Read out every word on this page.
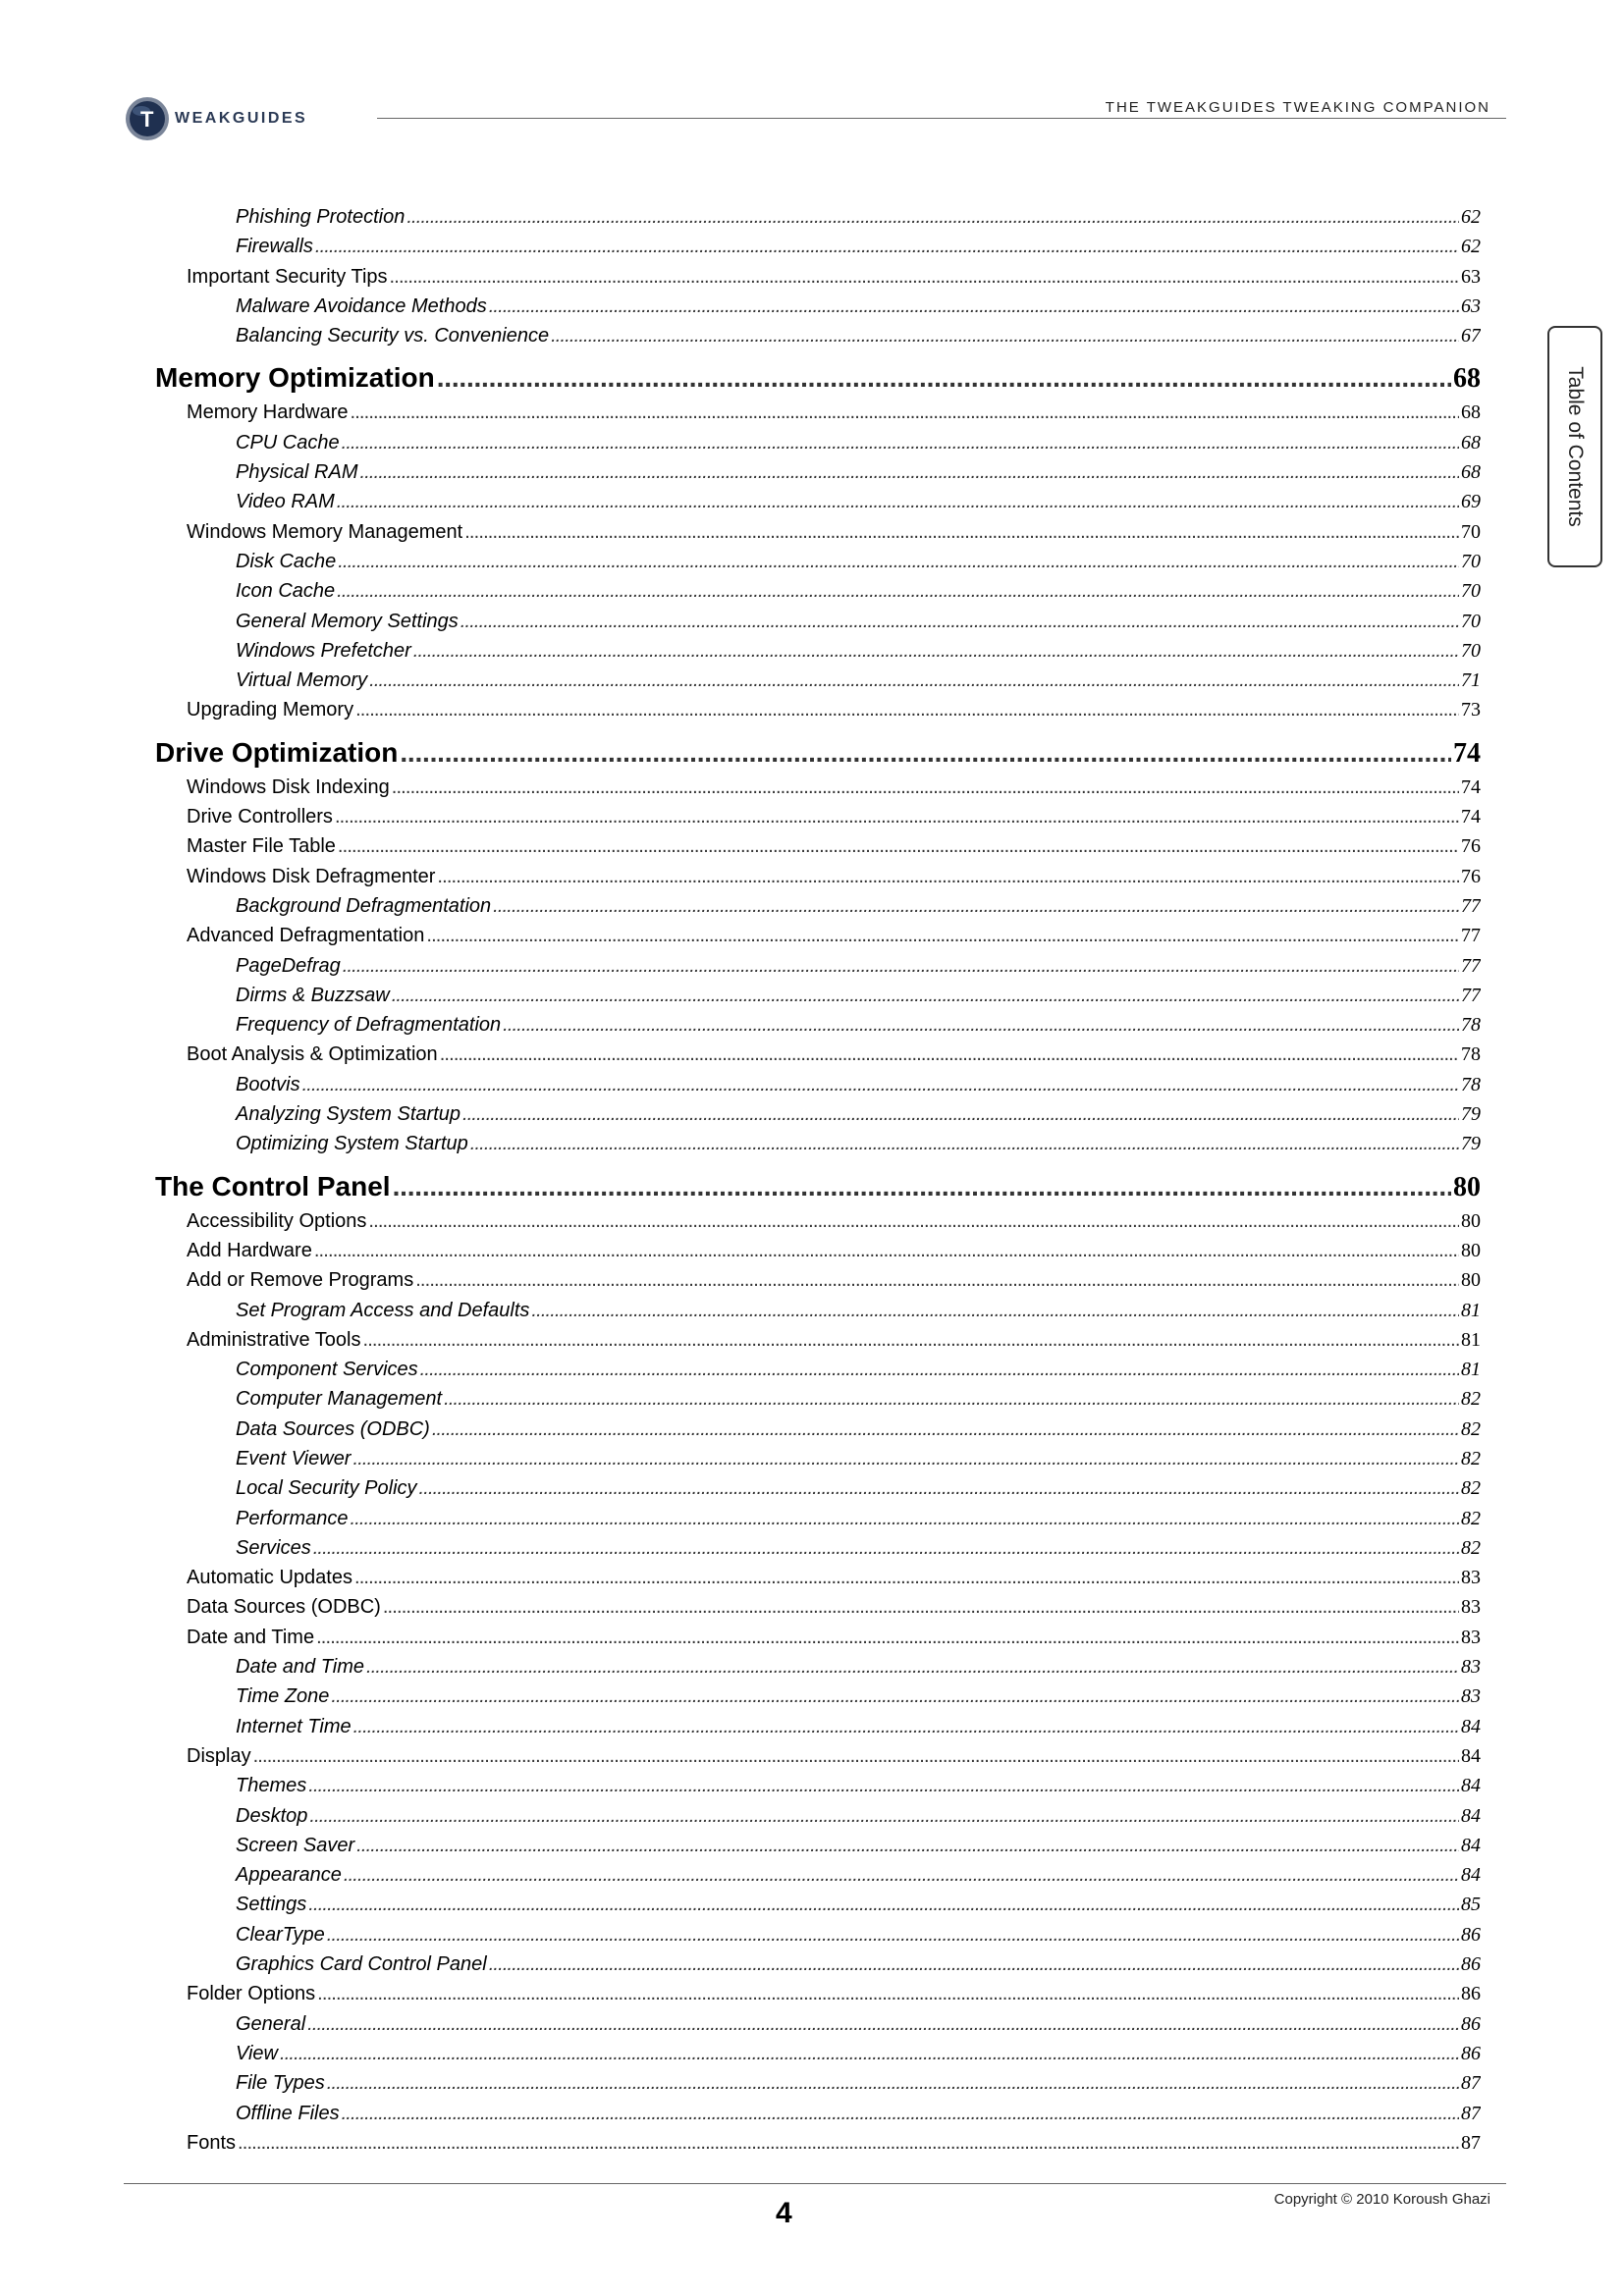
T WEAKGUIDES
THE TWEAKGUIDES TWEAKING COMPANION
Table of Contents
Phishing Protection . . .	62
Firewalls . . .	62
Important Security Tips . . .	63
Malware Avoidance Methods . . .	63
Balancing Security vs. Convenience . . .	67
Memory Optimization . . .	68
Memory Hardware . . .	68
CPU Cache . . .	68
Physical RAM . . .	68
Video RAM . . .	69
Windows Memory Management . . .	70
Disk Cache . . .	70
Icon Cache . . .	70
General Memory Settings . . .	70
Windows Prefetcher . . .	70
Virtual Memory . . .	71
Upgrading Memory . . .	73
Drive Optimization . . .	74
Windows Disk Indexing . . .	74
Drive Controllers . . .	74
Master File Table . . .	76
Windows Disk Defragmenter . . .	76
Background Defragmentation . . .	77
Advanced Defragmentation . . .	77
PageDefrag . . .	77
Dirms & Buzzsaw . . .	77
Frequency of Defragmentation . . .	78
Boot Analysis & Optimization . . .	78
Bootvis . . .	78
Analyzing System Startup . . .	79
Optimizing System Startup . . .	79
The Control Panel . . .	80
Accessibility Options . . .	80
Add Hardware . . .	80
Add or Remove Programs . . .	80
Set Program Access and Defaults . . .	81
Administrative Tools . . .	81
Component Services . . .	81
Computer Management . . .	82
Data Sources (ODBC) . . .	82
Event Viewer . . .	82
Local Security Policy . . .	82
Performance . . .	82
Services . . .	82
Automatic Updates . . .	83
Data Sources (ODBC) . . .	83
Date and Time . . .	83
Date and Time . . .	83
Time Zone . . .	83
Internet Time . . .	84
Display . . .	84
Themes . . .	84
Desktop . . .	84
Screen Saver . . .	84
Appearance . . .	84
Settings . . .	85
ClearType . . .	86
Graphics Card Control Panel . . .	86
Folder Options . . .	86
General . . .	86
View . . .	86
File Types . . .	87
Offline Files . . .	87
Fonts . . .	87
4	Copyright © 2010 Koroush Ghazi
